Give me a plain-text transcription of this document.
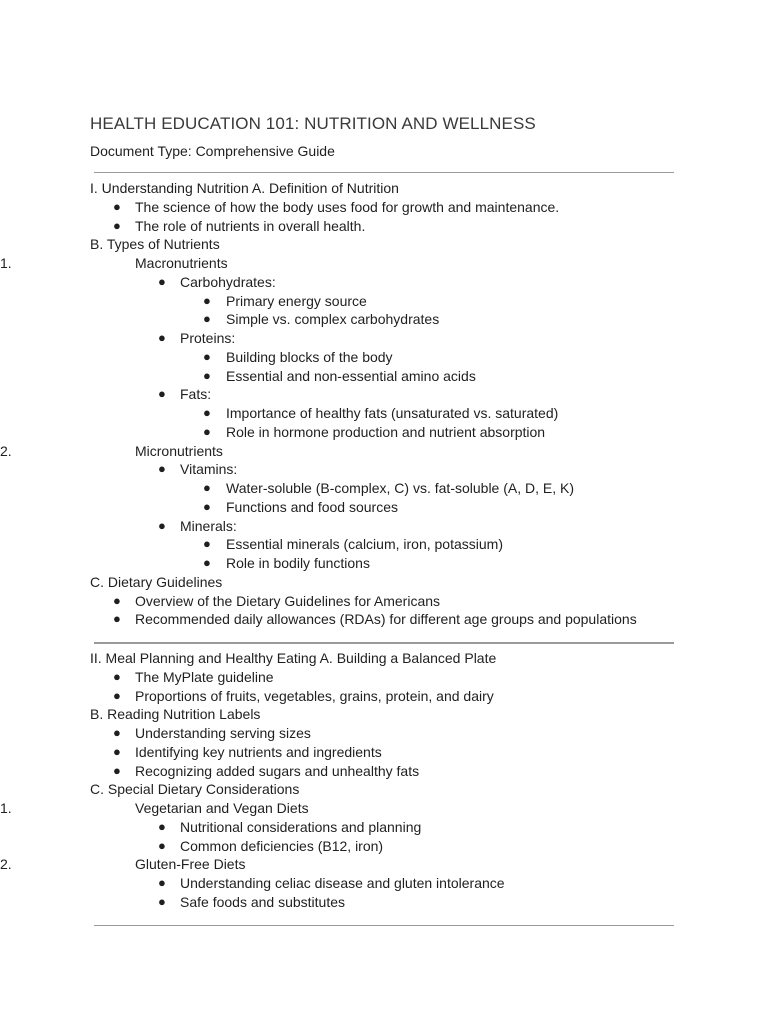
HEALTH EDUCATION 101: NUTRITION AND WELLNESS
Document Type: Comprehensive Guide
I. Understanding Nutrition A. Definition of Nutrition
● The science of how the body uses food for growth and maintenance.
● The role of nutrients in overall health.
B. Types of Nutrients
1.	Macronutrients
● Carbohydrates:
● Primary energy source
● Simple vs. complex carbohydrates
● Proteins:
● Building blocks of the body
● Essential and non-essential amino acids
● Fats:
● Importance of healthy fats (unsaturated vs. saturated)
● Role in hormone production and nutrient absorption
2.	Micronutrients
● Vitamins:
● Water-soluble (B-complex, C) vs. fat-soluble (A, D, E, K)
● Functions and food sources
● Minerals:
● Essential minerals (calcium, iron, potassium)
● Role in bodily functions
C. Dietary Guidelines
● Overview of the Dietary Guidelines for Americans
● Recommended daily allowances (RDAs) for different age groups and populations
II. Meal Planning and Healthy Eating A. Building a Balanced Plate
● The MyPlate guideline
● Proportions of fruits, vegetables, grains, protein, and dairy
B. Reading Nutrition Labels
● Understanding serving sizes
● Identifying key nutrients and ingredients
● Recognizing added sugars and unhealthy fats
C. Special Dietary Considerations
1.	Vegetarian and Vegan Diets
● Nutritional considerations and planning
● Common deficiencies (B12, iron)
2.	Gluten-Free Diets
● Understanding celiac disease and gluten intolerance
● Safe foods and substitutes
